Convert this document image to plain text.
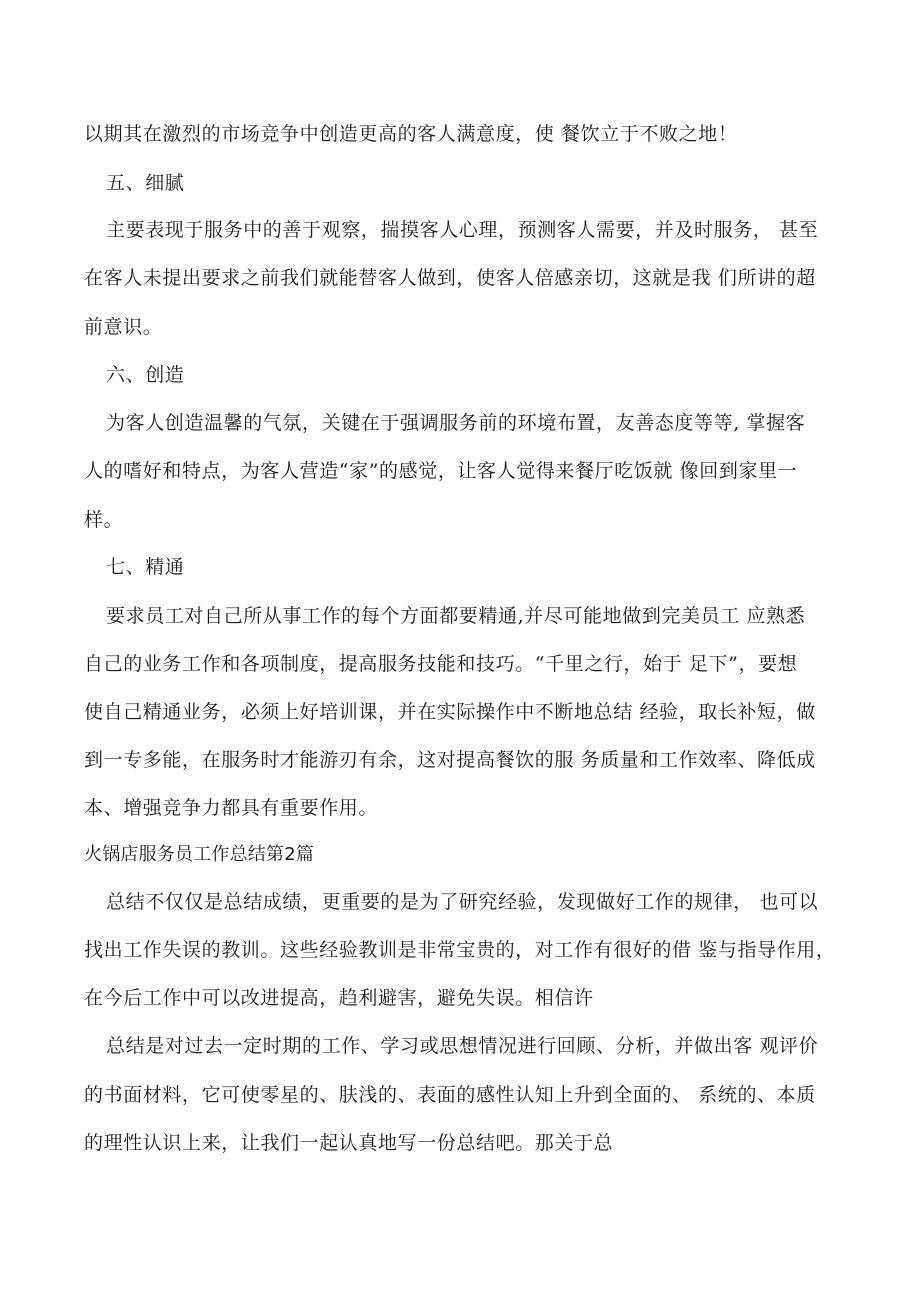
以期其在激烈的市场竞争中创造更高的客人满意度，使 餐饮立于不败之地！
五、细腻
主要表现于服务中的善于观察，揣摸客人心理，预测客人需要，并及时服务， 甚至
在客人未提出要求之前我们就能替客人做到，使客人倍感亲切，这就是我 们所讲的超
前意识。
六、创造
为客人创造温馨的气氛，关键在于强调服务前的环境布置，友善态度等等, 掌握客
人的嗜好和特点，为客人营造“家”的感觉，让客人觉得来餐厅吃饭就 像回到家里一
样。
七、精通
要求员工对自己所从事工作的每个方面都要精通,并尽可能地做到完美员工 应熟悉
自己的业务工作和各项制度，提高服务技能和技巧。“千里之行，始于 足下”，要想
使自己精通业务，必须上好培训课，并在实际操作中不断地总结 经验，取长补短，做
到一专多能，在服务时才能游刃有余，这对提高餐饮的服 务质量和工作效率、降低成
本、增强竞争力都具有重要作用。
火锅店服务员工作总结第2篇
总结不仅仅是总结成绩，更重要的是为了研究经验，发现做好工作的规律， 也可以
找出工作失误的教训。这些经验教训是非常宝贵的，对工作有很好的借 鉴与指导作用，
在今后工作中可以改进提高，趋利避害，避免失误。相信许
总结是对过去一定时期的工作、学习或思想情况进行回顾、分析，并做出客 观评价
的书面材料，它可使零星的、肤浅的、表面的感性认知上升到全面的、 系统的、本质
的理性认识上来，让我们一起认真地写一份总结吧。那关于总
